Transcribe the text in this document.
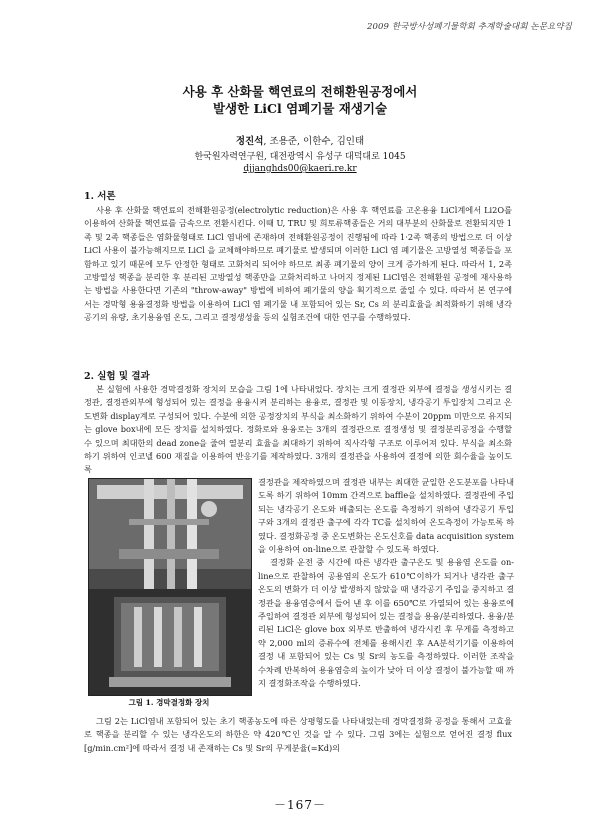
2009 한국방사성폐기물학회 추계학술대회 논문요약집
사용 후 산화물 핵연료의 전해환원공정에서
발생한 LiCl 염폐기물 재생기술
정진석, 조용준, 이한수, 김인태
한국원자력연구원, 대전광역시 유성구 대덕대로 1045
djjanghds00@kaeri.re.kr
1. 서론

사용 후 산화물 핵연료의 전해환원공정(electrolytic reduction)은 사용 후 핵연료를 고온용융 LiCl계에서 Li2O를 이용하여 산화물 핵연료를 금속으로 전환시킨다. 이때 U, TRU 및 희토류핵종들은 거의 대부분의 산화물로 전환되지만 1족 및 2족 핵종들은 염화물형태로 LiCl 염내에 존재하며 전해환원공정이 진행됨에 따라 1·2족 핵종의 방법으로 더 이상 LiCl 사용이 불가능해지므로 LiCl 을 교체해야하므로 폐기물로 발생되며 이러한 LiCl 염 폐기물은 고방열성 핵종들을 포함하고 있기 때문에 모두 안정한 형태로 고화처리 되어야 하므로 최종 폐기물의 양이 크게 증가하게 된다. 따라서 1, 2족 고방열성 핵종을 분리한 후 분리된 고방열성 핵종만을 고화처리하고 나머지 정제된 LiCl염은 전해환원 공정에 재사용하는 방법을 사용한다면 기존의 "throw-away" 방법에 비하여 폐기물의 양을 획기적으로 줄일 수 있다. 따라서 본 연구에서는 경막형 용융결정화 방법을 이용하여 LiCl 염 폐기물 내 포함되어 있는 Sr, Cs 의 분리효율을 최적화하기 위해 냉각공기의 유량, 초기용융염 온도, 그리고 결정생성율 등의 실험조건에 대한 연구를 수행하였다.

2. 실험 및 결과

본 실험에 사용한 경막결정화 장치의 모습을 그림 1에 나타내었다. 장치는 크게 결정관 외부에 결정을 생성시키는 결정관, 결정관외부에 형성되어 있는 결정을 용융시켜 분리하는 용융로, 결정관 및 이동장치, 냉각공기 투입장치 그리고 온도변화 display계로 구성되어 있다. 수분에 의한 공정장치의 부식을 최소화하기 위하여 수분이 20ppm 미만으로 유지되는 glove box내에 모든 장치를 설치하였다. 정화로와 용융로는 3개의 결정관으로 결정생성 및 결정분리공정을 수행할 수 있으며 최대한의 dead zone을 줄여 열분리 효율을 최대하기 위하여 직사각형 구조로 이루어져 있다. 부식을 최소화하기 위하여 인코넬 600 재질을 이용하여 반응기를 제작하였다. 3개의 결정관을 사용하여 결정에 의한 회수율을 높이도록

그림 1. 경막결정화 장치

결정관을 제작하였으며 결정관 내부는 최대한 균일한 온도분포를 나타내도록 하기 위하여 10mm 간격으로 baffle을 설치하였다. 결정관에 주입되는 냉각공기 온도와 배출되는 온도를 측정하기 위하여 냉각공기 투입구와 3개의 결정관 출구에 각각 TC를 설치하여 온도측정이 가능토록 하였다. 결정화공정 중 온도변화는 온도신호를 data acquisition system을 이용하여 on-line으로 관찰할 수 있도록 하였다.

결정화 운전 중 시간에 따른 냉각관 출구온도 및 용융염 온도를 on-line으로 관찰하여 공용염의 온도가 610℃이하가 되거나 냉각관 출구온도의 변화가 더 이상 발생하지 않았을 때 냉각공기 주입을 중지하고 결정관을 용융염층에서 들어 낸 후 이를 650℃로 가열되어 있는 용융로에 주입하여 결정관 외부에 형성되어 있는 결정을 용융/분리하였다. 용융/분리된 LiCl은 glove box 외부로 반출하여 냉각시킨 후 무게를 측정하고 약 2,000 ml의 증류수에 전체를 용해시킨 후 AA분석기기를 이용하여 결정 내 포함되어 있는 Cs 및 Sr의 농도를 측정하였다. 이러한 조작을 수차례 반복하여 용융염층의 높이가 낮아 더 이상 결정이 불가능할 때 까지 결정화조작을 수행하였다.

그림 2는 LiCl염내 포함되어 있는 초기 핵종농도에 따른 상평형도를 나타내었는데 경막결정화 공정을 통해서 고효율로 핵종을 분리할 수 있는 냉각온도의 하한은 약 420℃인 것을 알 수 있다. 그림 3에는 실험으로 얻어진 결정 flux [g/min.cm²]에 따라서 결정 내 존재하는 Cs 및 Sr의 무게분율(=Kd)의

－167－
